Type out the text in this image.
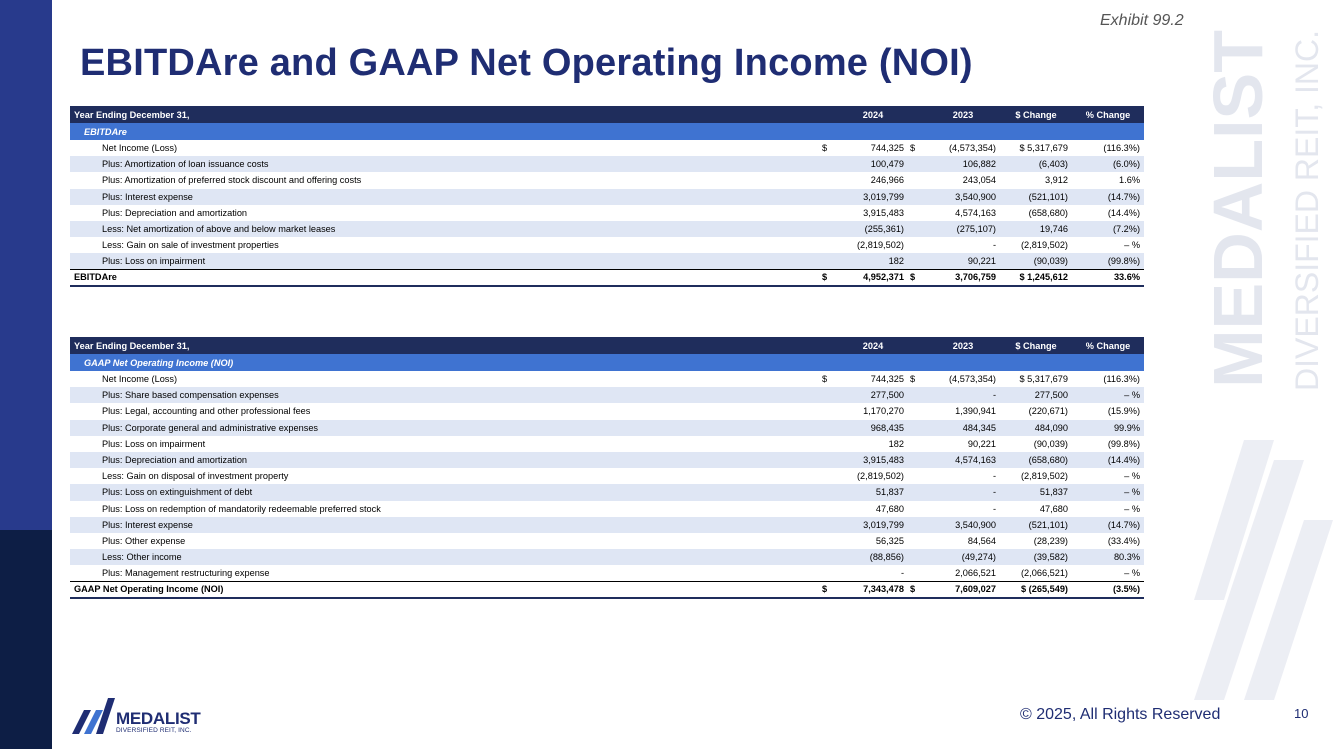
MEDALIST DIVERSIFIED REIT, INC.
Exhibit 99.2
EBITDAre and GAAP Net Operating Income (NOI)
Year Ending December 31,		2024		2023	$ Change	% Change
EBITDAre						
Net Income (Loss)	$	744,325	$	(4,573,354)	$ 5,317,679	(116.3%)
Plus: Amortization of loan issuance costs		100,479		106,882	(6,403)	(6.0%)
Plus: Amortization of preferred stock discount and offering costs		246,966		243,054	3,912	1.6%
Plus: Interest expense		3,019,799		3,540,900	(521,101)	(14.7%)
Plus: Depreciation and amortization		3,915,483		4,574,163	(658,680)	(14.4%)
Less: Net amortization of above and below market leases		(255,361)		(275,107)	19,746	(7.2%)
Less: Gain on sale of investment properties		(2,819,502)		-	(2,819,502)	– %
Plus: Loss on impairment		182		90,221	(90,039)	(99.8%)
EBITDAre	$	4,952,371	$	3,706,759	$ 1,245,612	33.6%
Year Ending December 31,		2024		2023	$ Change	% Change
GAAP Net Operating Income (NOI)						
Net Income (Loss)	$	744,325	$	(4,573,354)	$ 5,317,679	(116.3%)
Plus: Share based compensation expenses		277,500		-	277,500	– %
Plus: Legal, accounting and other professional fees		1,170,270		1,390,941	(220,671)	(15.9%)
Plus: Corporate general and administrative expenses		968,435		484,345	484,090	99.9%
Plus: Loss on impairment		182		90,221	(90,039)	(99.8%)
Plus: Depreciation and amortization		3,915,483		4,574,163	(658,680)	(14.4%)
Less: Gain on disposal of investment property		(2,819,502)		-	(2,819,502)	– %
Plus: Loss on extinguishment of debt		51,837		-	51,837	– %
Plus: Loss on redemption of mandatorily redeemable preferred stock		47,680		-	47,680	– %
Plus: Interest expense		3,019,799		3,540,900	(521,101)	(14.7%)
Plus: Other expense		56,325		84,564	(28,239)	(33.4%)
Less: Other income		(88,856)		(49,274)	(39,582)	80.3%
Plus: Management restructuring expense		-		2,066,521	(2,066,521)	– %
GAAP Net Operating Income (NOI)	$	7,343,478	$	7,609,027	$ (265,549)	(3.5%)
MEDALIST
DIVERSIFIED REIT, INC.
© 2025, All Rights Reserved	10
